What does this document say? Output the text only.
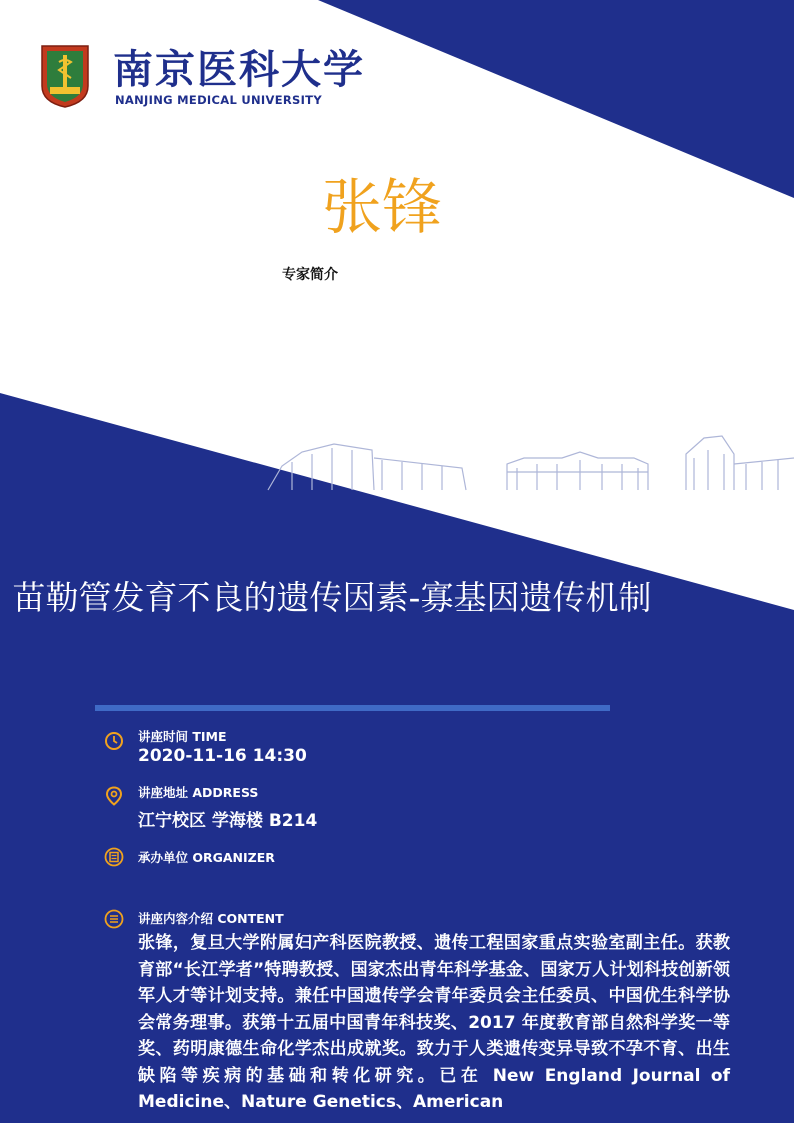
南京医科大学
NANJING MEDICAL UNIVERSITY
张锋
专家简介
苗勒管发育不良的遗传因素-寡基因遗传机制
讲座时间 TIME
2020-11-16 14:30
讲座地址 ADDRESS
江宁校区 学海楼 B214
承办单位 ORGANIZER
讲座内容介绍 CONTENT
张锋，复旦大学附属妇产科医院教授、遗传工程国家重点实验室副主任。获教育部“长江学者”特聘教授、国家杰出青年科学基金、国家万人计划科技创新领军人才等计划支持。兼任中国遗传学会青年委员会主任委员、中国优生科学协会常务理事。获第十五届中国青年科技奖、2017 年度教育部自然科学奖一等奖、药明康德生命化学杰出成就奖。致力于人类遗传变异导致不孕不育、出生缺陷等疾病的基础和转化研究。已在 New England Journal of Medicine、Nature Genetics、American
